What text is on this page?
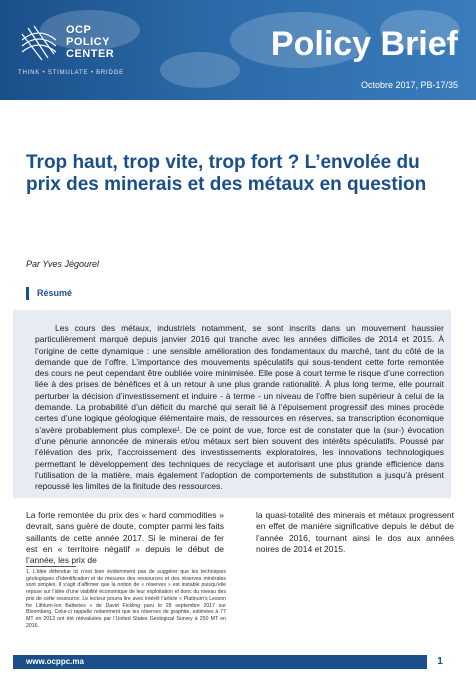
OCP
POLICY
CENTER
THINK • STIMULATE • BRIDGE
Policy Brief
Octobre 2017, PB-17/35
Trop haut, trop vite, trop fort ? L’envolée du prix des minerais et des métaux en question
Par Yves Jégourel
Résumé

Les cours des métaux, industriels notamment, se sont inscrits dans un mouvement haussier particulièrement marqué depuis janvier 2016 qui tranche avec les années difficiles de 2014 et 2015. À l’origine de cette dynamique : une sensible amélioration des fondamentaux du marché, tant du côté de la demande que de l’offre. L’importance des mouvements spéculatifs qui sous-tendent cette forte remontée des cours ne peut cependant être oubliée voire minimisée. Elle pose à court terme le risque d’une correction liée à des prises de bénéfices et à un retour à une plus grande rationalité. À plus long terme, elle pourrait perturber la décision d’investissement et induire - à terme - un niveau de l’offre bien supérieur à celui de la demande. La probabilité d’un déficit du marché qui serait lié à l’épuisement progressif des mines procède certes d’une logique géologique élémentaire mais, de ressources en réserves, sa transcription économique s’avère probablement plus complexe¹. De ce point de vue, force est de constater que la (sur-) évocation d’une pénurie annoncée de minerais et/ou métaux sert bien souvent des intérêts spéculatifs. Poussé par l’élévation des prix, l’accroissement des investissements exploratoires, les innovations technologiques permettant le développement des techniques de recyclage et autorisant une plus grande efficience dans l’utilisation de la matière, mais également l’adoption de comportements de substitution a jusqu’à présent repoussé les limites de la finitude des ressources.

La forte remontée du prix des « hard commodities » devrait, sans guère de doute, compter parmi les faits saillants de cette année 2017. Si le minerai de fer est en « territoire négatif » depuis le début de l’année, les prix de

la quasi-totalité des minerais et métaux progressent en effet de manière significative depuis le début de l’année 2016, tournant ainsi le dos aux années noires de 2014 et 2015.

1. L’idée défendue ici n’est bien évidemment pas de suggérer que les techniques géologiques d’identification et de mesures des ressources et des réserves minérales sont simples. Il s’agit d’affirmer que la notion de « réserves » est instable puisqu’elle repose sur l’idée d’une viabilité économique de leur exploitation et donc du niveau des prix de cette ressource. Le lecteur pourra lire avec intérêt l’article « Platinum’s Lesson for Lithium-Ion Batteries » de David Fickling paru le 28 septembre 2017 sur Bloomberg. Celui-ci rappelle notamment que les réserves de graphite, estimées à 77 MT en 2012 ont été réévaluées par l’United States Geological Survey à 250 MT en 2016.

www.ocppc.ma	1
